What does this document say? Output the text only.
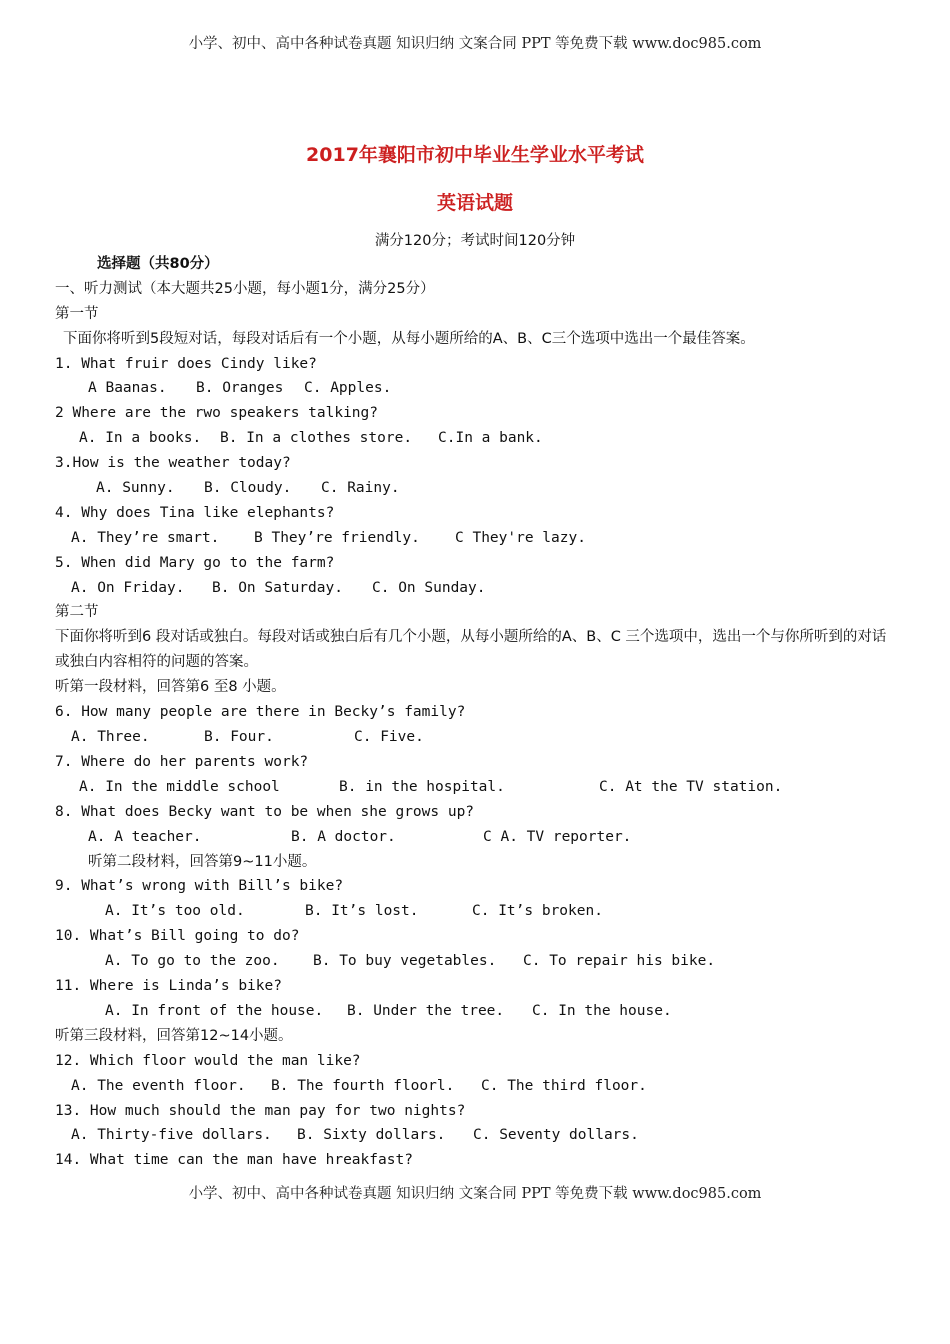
小学、初中、高中各种试卷真题 知识归纳 文案合同 PPT 等免费下载 www.doc985.com
2017年襄阳市初中毕业生学业水平考试
英语试题
满分120分；考试时间120分钟
选择题（共80分）
一、听力测试（本大题共25小题，每小题1分，满分25分）
第一节
下面你将听到5段短对话，每段对话后有一个小题，从每小题所给的A、B、C三个选项中选出一个最佳答案。
1. What fruir does Cindy like?
A Baanas. B. Oranges C. Apples.
2 Where are the rwo speakers talking?
A. In a books. B. In a clothes store. C.In a bank.
3.How is the weather today?
A. Sunny. B. Cloudy. C. Rainy.
4. Why does Tina like elephants?
A. They’re smart. B They’re friendly. C They're lazy.
5. When did Mary go to the farm?
A. On Friday. B. On Saturday. C. On Sunday.
第二节
下面你将听到6 段对话或独白。每段对话或独白后有几个小题，从每小题所给的A、B、C 三个选项中，选出一个与你所听到的对话或独白内容相符的问题的答案。
听第一段材料，回答第6 至8 小题。
6. How many people are there in Becky’s family?
A. Three.	B. Four.	C. Five.
7. Where do her parents work?
A. In the middle school	B. in the hospital.	C. At the TV station.
8. What does Becky want to be when she grows up?
A. A teacher.	B. A doctor.	C A. TV reporter.
听第二段材料，回答第9~11小题。
9. What’s wrong with Bill’s bike?
A. It’s too old.	B. It’s lost.	C. It’s broken.
10. What’s Bill going to do?
A. To go to the zoo. B. To buy vegetables. C. To repair his bike.
11. Where is Linda’s bike?
A. In front of the house. B. Under the tree. C. In the house.
听第三段材料，回答第12~14小题。
12. Which floor would the man like?
A. The eventh floor. B. The fourth floorl. C. The third floor.
13. How much should the man pay for two nights?
A. Thirty-five dollars. B. Sixty dollars. C. Seventy dollars.
14. What time can the man have hreakfast?
小学、初中、高中各种试卷真题 知识归纳 文案合同 PPT 等免费下载 www.doc985.com
